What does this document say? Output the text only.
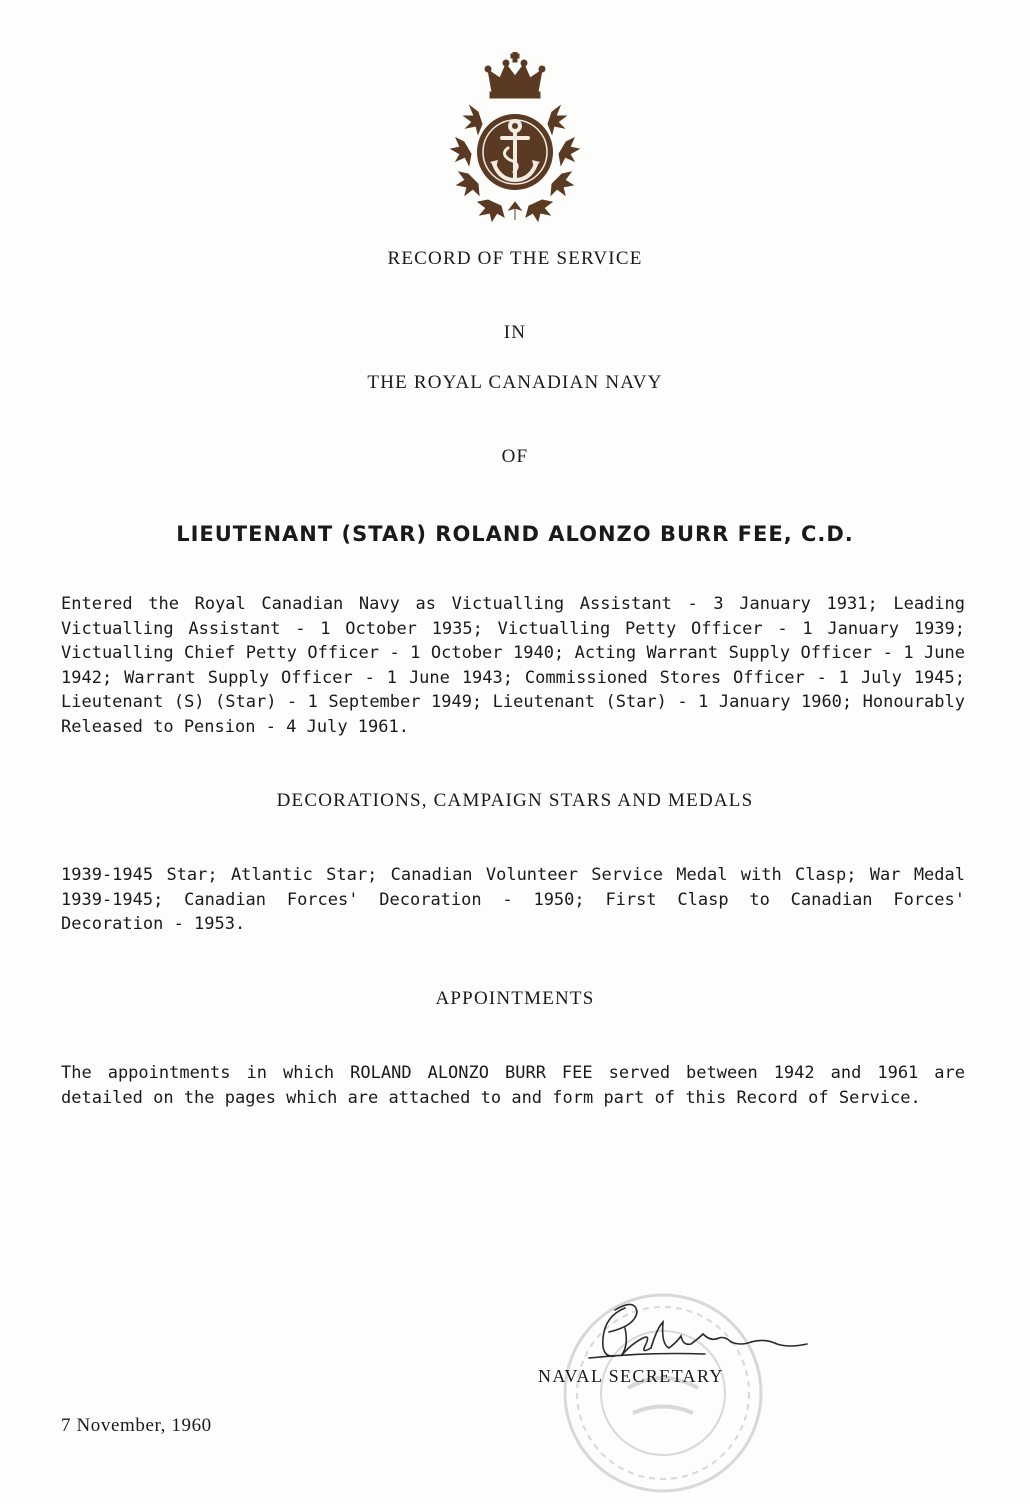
RECORD OF THE SERVICE
IN
THE ROYAL CANADIAN NAVY
OF
LIEUTENANT (STAR) ROLAND ALONZO BURR FEE, C.D.
Entered the Royal Canadian Navy as Victualling Assistant - 3 January 1931; Leading Victualling Assistant - 1 October 1935; Victualling Petty Officer - 1 January 1939; Victualling Chief Petty Officer - 1 October 1940; Acting Warrant Supply Officer - 1 June 1942; Warrant Supply Officer - 1 June 1943; Commissioned Stores Officer - 1 July 1945; Lieutenant (S) (Star) - 1 September 1949; Lieutenant (Star) - 1 January 1960; Honourably Released to Pension - 4 July 1961.
DECORATIONS, CAMPAIGN STARS AND MEDALS
1939-1945 Star; Atlantic Star; Canadian Volunteer Service Medal with Clasp; War Medal 1939-1945; Canadian Forces' Decoration - 1950; First Clasp to Canadian Forces' Decoration - 1953.
APPOINTMENTS
The appointments in which ROLAND ALONZO BURR FEE served between 1942 and 1961 are detailed on the pages which are attached to and form part of this Record of Service.
NAVAL SECRETARY
7 November, 1960
